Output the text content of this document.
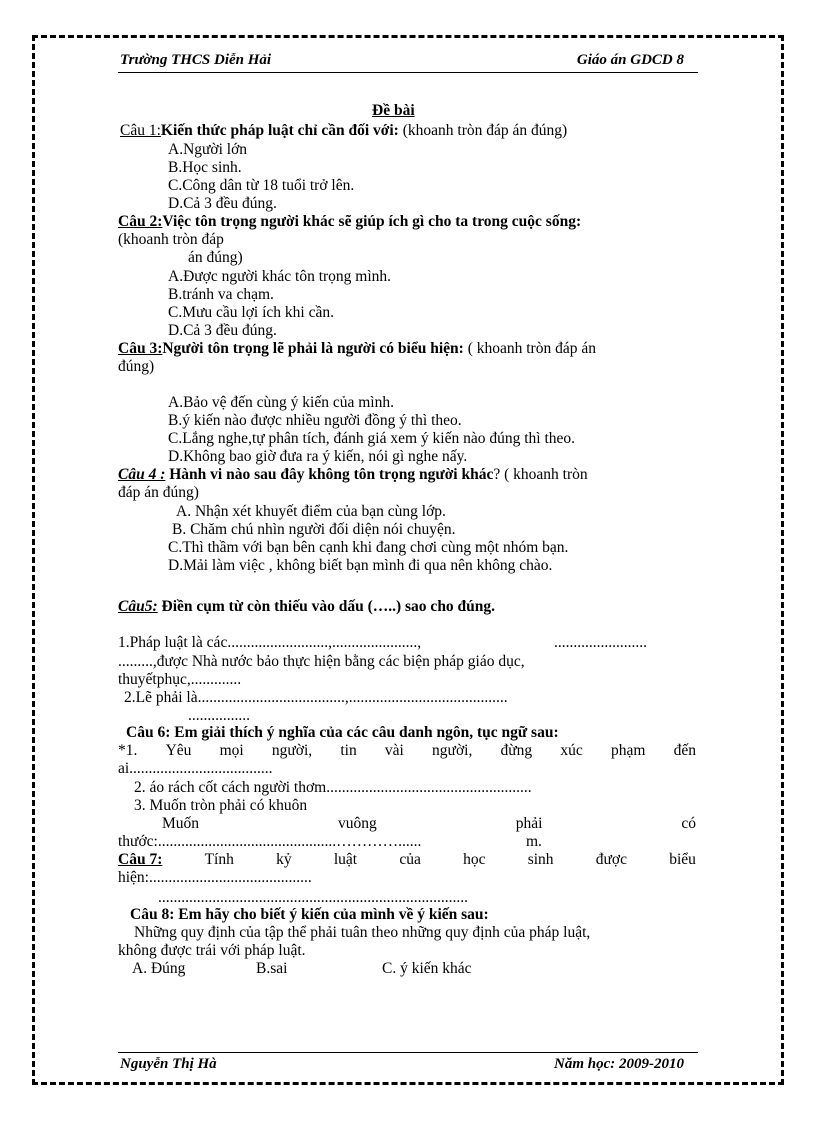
Trường THCS Diễn Hải	Giáo án GDCD 8
Đề bài
Câu 1:Kiến thức pháp luật chỉ cần đối với: (khoanh tròn đáp án đúng)
A.Người lớn
B.Học sinh.
C.Công dân từ 18 tuổi trở lên.
D.Cả 3 đều đúng.
Câu 2:Việc tôn trọng người khác sẽ giúp ích gì cho ta trong cuộc sống:
(khoanh tròn đáp
án đúng)
A.Được người khác tôn trọng mình.
B.tránh va chạm.
C.Mưu cầu lợi ích khi cần.
D.Cả 3 đều đúng.
Câu 3:Người tôn trọng lẽ phải là người có biểu hiện: ( khoanh tròn đáp án
đúng)
A.Bảo vệ đến cùng ý kiến của mình.
B.ý kiến nào được nhiều người đồng ý thì theo.
C.Lắng nghe,tự phân tích, đánh giá xem ý kiến nào đúng thì theo.
D.Không bao giờ đưa ra ý kiến, nói gì nghe nấy.
Câu 4 : Hành vi nào sau đây không tôn trọng người khác? ( khoanh tròn
đáp án đúng)
A. Nhận xét khuyết điểm của bạn cùng lớp.
B. Chăm chú nhìn người đối diện nói chuyện.
C.Thì thầm với bạn bên cạnh khi đang chơi cùng một nhóm bạn.
D.Mải làm việc , không biết bạn mình đi qua nên không chào.
Câu5: Điền cụm từ còn thiếu vào dấu (…..) sao cho đúng.
1.Pháp luật là các..........................,......................,	........................
.........,được Nhà nước bảo thực hiện bằng các biện pháp giáo dục,
thuyếtphục,.............
2.Lẽ phải là......................................,.........................................
................
Câu 6: Em giải thích ý nghĩa của các câu danh ngôn, tục ngữ sau:
*1. Yêu mọi người, tin vài người, đừng xúc phạm đến
ai.....................................
2. áo rách cốt cách người thơm.....................................................
3. Muốn tròn phải có khuôn
Muốn	vuông	phải	có
thước:..............................................…………......	m.
Câu 7:	Tính	kỷ	luật	của	học	sinh	được	biểu
hiện:..........................................
................................................................................
Câu 8: Em hãy cho biết ý kiến của mình về ý kiến sau:
Những quy định của tập thể phải tuân theo những quy định của pháp luật,
không được trái với pháp luật.
A. Đúng	B.sai	C. ý kiến khác
Nguyễn Thị Hà	Năm học: 2009-2010
